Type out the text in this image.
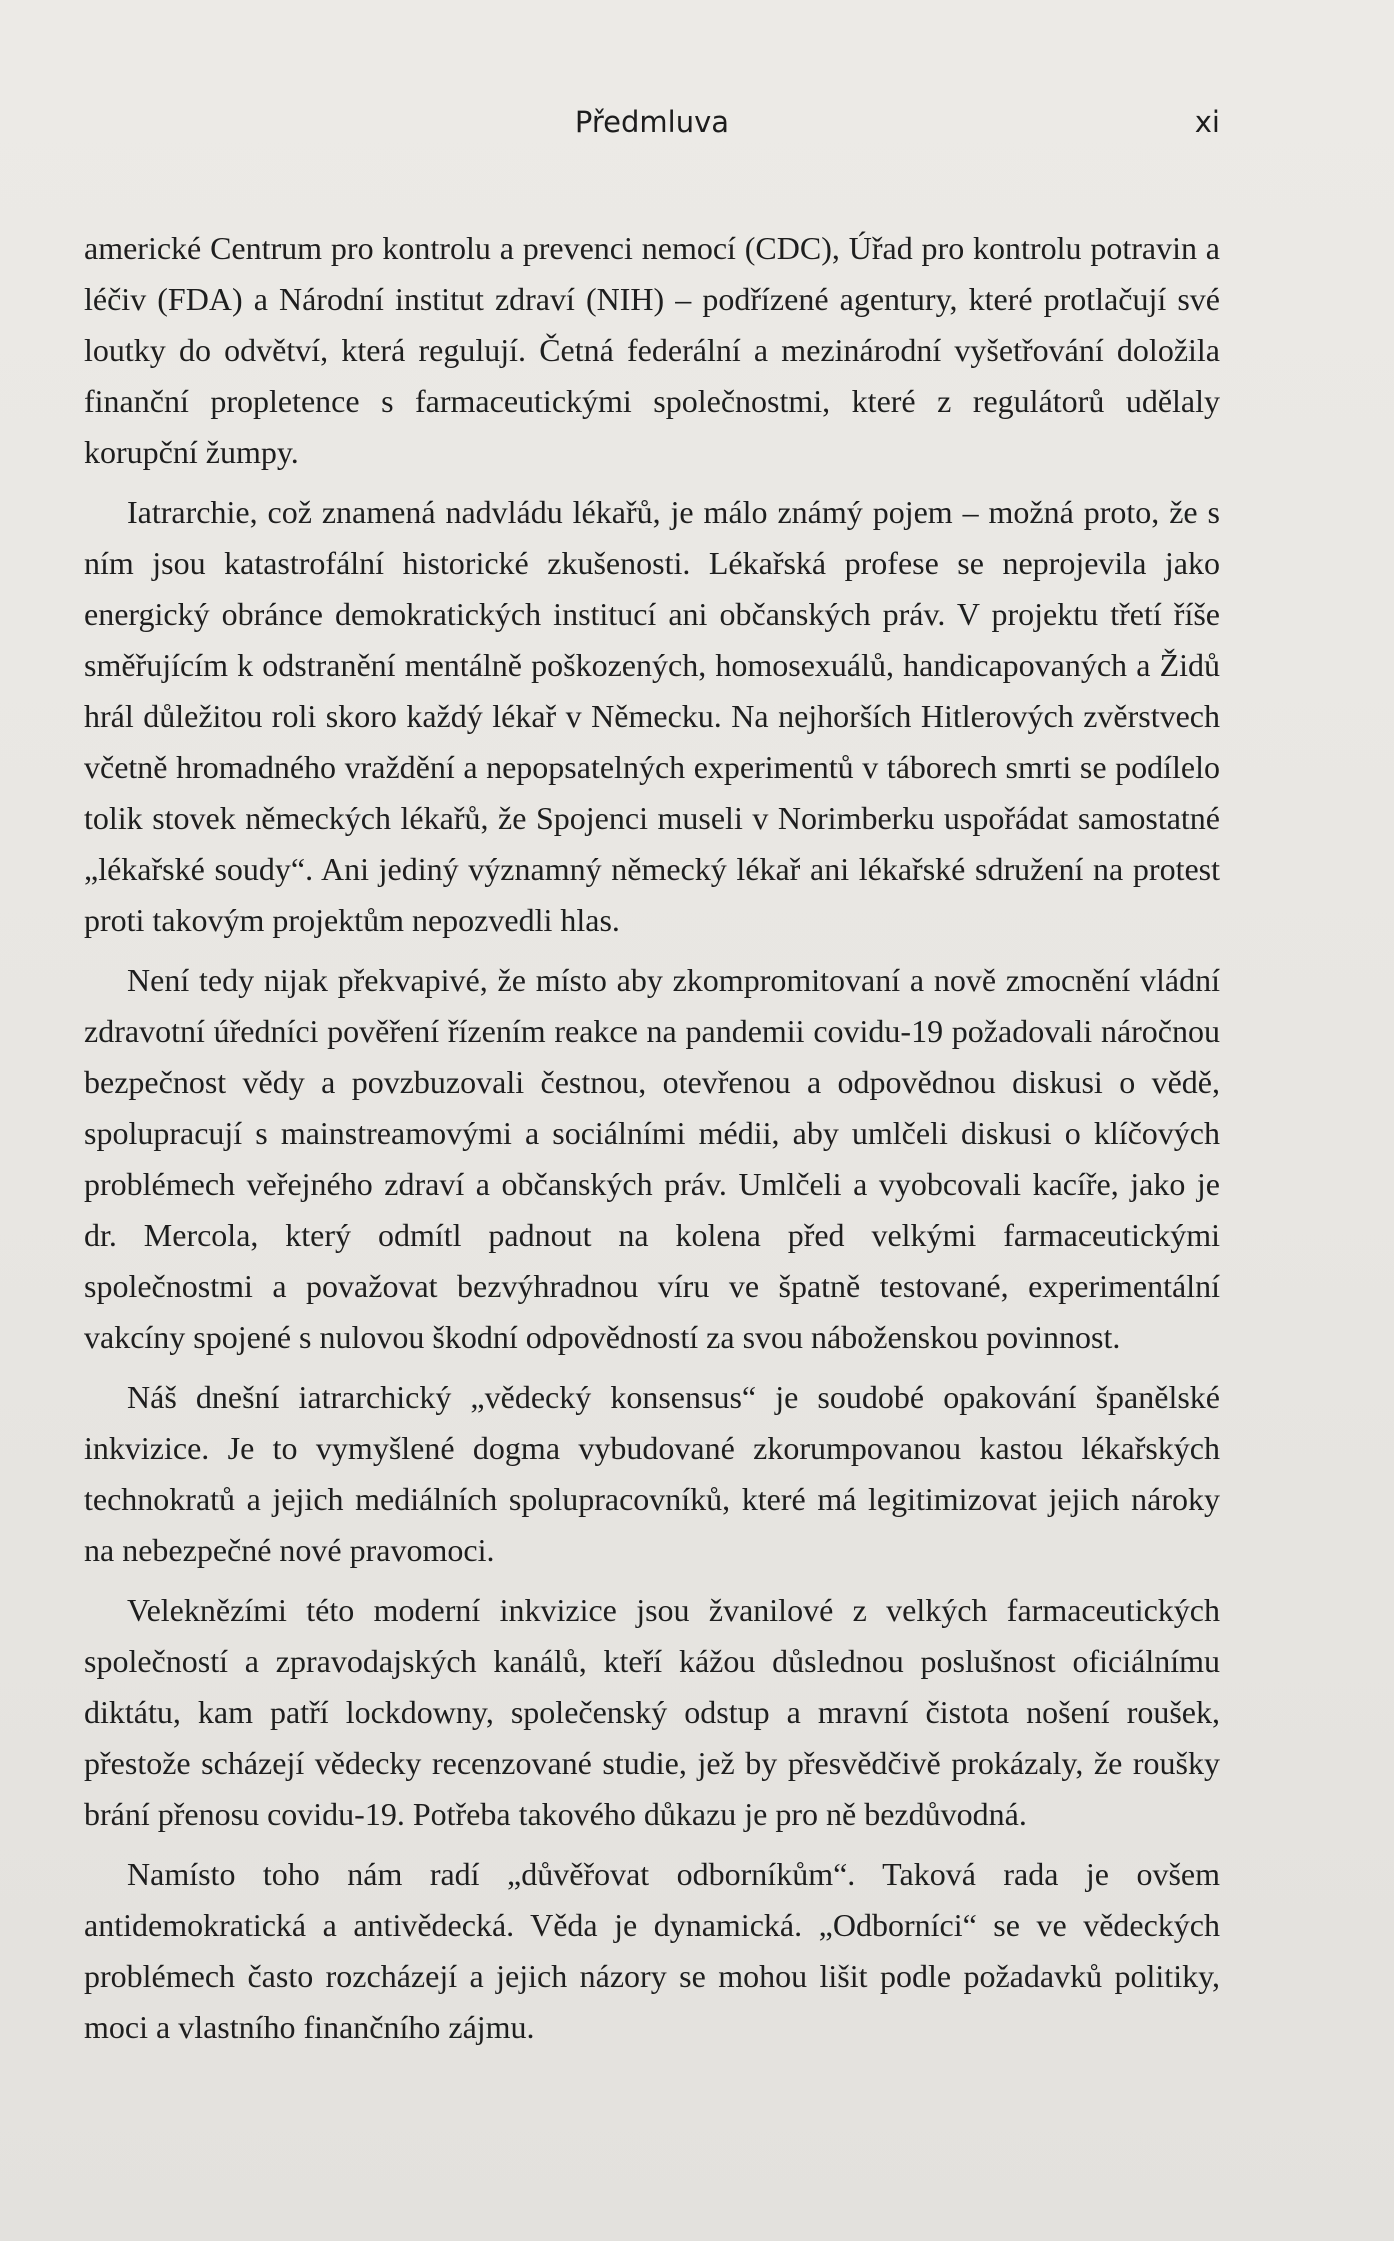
Předmluva	xi

americké Centrum pro kontrolu a prevenci nemocí (CDC), Úřad pro kontrolu potravin a léčiv (FDA) a Národní institut zdraví (NIH) – podřízené agentury, které protlačují své loutky do odvětví, která regulují. Četná federální a mezinárodní vyšetřování doložila finanční propletence s farmaceutickými společnostmi, které z regulátorů udělaly korupční žumpy.

Iatrarchie, což znamená nadvládu lékařů, je málo známý pojem – možná proto, že s ním jsou katastrofální historické zkušenosti. Lékařská profese se neprojevila jako energický obránce demokratických institucí ani občanských práv. V projektu třetí říše směřujícím k odstranění mentálně poškozených, homosexuálů, handicapovaných a Židů hrál důležitou roli skoro každý lékař v Německu. Na nejhorších Hitlerových zvěrstvech včetně hromadného vraždění a nepopsatelných experimentů v táborech smrti se podílelo tolik stovek německých lékařů, že Spojenci museli v Norimberku uspořádat samostatné „lékařské soudy“. Ani jediný významný německý lékař ani lékařské sdružení na protest proti takovým projektům nepozvedli hlas.

Není tedy nijak překvapivé, že místo aby zkompromitovaní a nově zmocnění vládní zdravotní úředníci pověření řízením reakce na pandemii covidu-19 požadovali náročnou bezpečnost vědy a povzbuzovali čestnou, otevřenou a odpovědnou diskusi o vědě, spolupracují s mainstreamovými a sociálními médii, aby umlčeli diskusi o klíčových problémech veřejného zdraví a občanských práv. Umlčeli a vyobcovali kacíře, jako je dr. Mercola, který odmítl padnout na kolena před velkými farmaceutickými společnostmi a považovat bezvýhradnou víru ve špatně testované, experimentální vakcíny spojené s nulovou škodní odpovědností za svou náboženskou povinnost.

Náš dnešní iatrarchický „vědecký konsensus“ je soudobé opakování španělské inkvizice. Je to vymyšlené dogma vybudované zkorumpovanou kastou lékařských technokratů a jejich mediálních spolupracovníků, které má legitimizovat jejich nároky na nebezpečné nové pravomoci.

Veleknězími této moderní inkvizice jsou žvanilové z velkých farmaceutických společností a zpravodajských kanálů, kteří kážou důslednou poslušnost oficiálnímu diktátu, kam patří lockdowny, společenský odstup a mravní čistota nošení roušek, přestože scházejí vědecky recenzované studie, jež by přesvědčivě prokázaly, že roušky brání přenosu covidu-19. Potřeba takového důkazu je pro ně bezdůvodná.

Namísto toho nám radí „důvěřovat odborníkům“. Taková rada je ovšem antidemokratická a antivědecká. Věda je dynamická. „Odborníci“ se ve vědeckých problémech často rozcházejí a jejich názory se mohou lišit podle požadavků politiky, moci a vlastního finančního zájmu.
